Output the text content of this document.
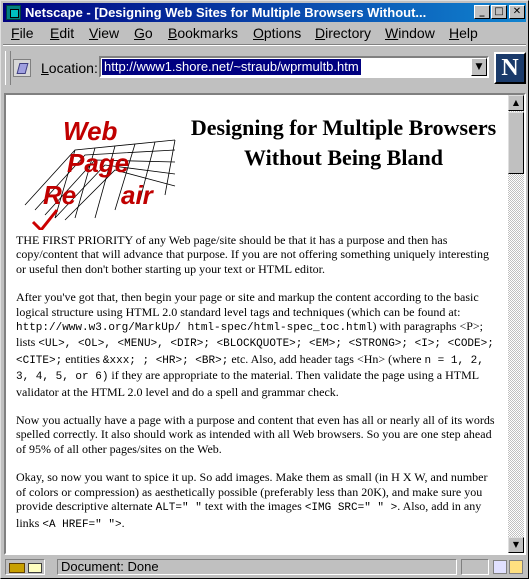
Netscape - [Designing Web Sites for Multiple Browsers Without...	_ □ ✕
File Edit View Go Bookmarks Options Directory Window Help
Location: http://www1.shore.net/~straub/wprmultb.htm	▼ N
Web
Page
Re air
Designing for Multiple Browsers Without Being Bland

THE FIRST PRIORITY of any Web page/site should be that it has a purpose and then has copy/content that will advance that purpose. If you are not offering something uniquely interesting or useful then don't bother starting up your text or HTML editor.

After you've got that, then begin your page or site and markup the content according to the basic logical structure using HTML 2.0 standard level tags and techniques (which can be found at: http://www.w3.org/MarkUp/ html-spec/html-spec_toc.html) with paragraphs <P>; lists <UL>, <OL>, <MENU>, <DIR>; <BLOCKQUOTE>; <EM>; <STRONG>; <I>; <CODE>; <CITE>; entities &xxx; ; <HR>; <BR>; etc. Also, add header tags <Hn> (where n = 1, 2, 3, 4, 5, or 6) if they are appropriate to the material. Then validate the page using a HTML validator at the HTML 2.0 level and do a spell and grammar check.

Now you actually have a page with a purpose and content that even has all or nearly all of its words spelled correctly. It also should work as intended with all Web browsers. So you are one step ahead of 95% of all other pages/sites on the Web.

Okay, so now you want to spice it up. So add images. Make them as small (in H X W, and number of colors or compression) as aesthetically possible (preferably less than 20K), and make sure you provide descriptive alternate ALT=" " text with the images <IMG SRC=" " >. Also, add in any links <A HREF=" ">.

▲
▼
Document: Done
